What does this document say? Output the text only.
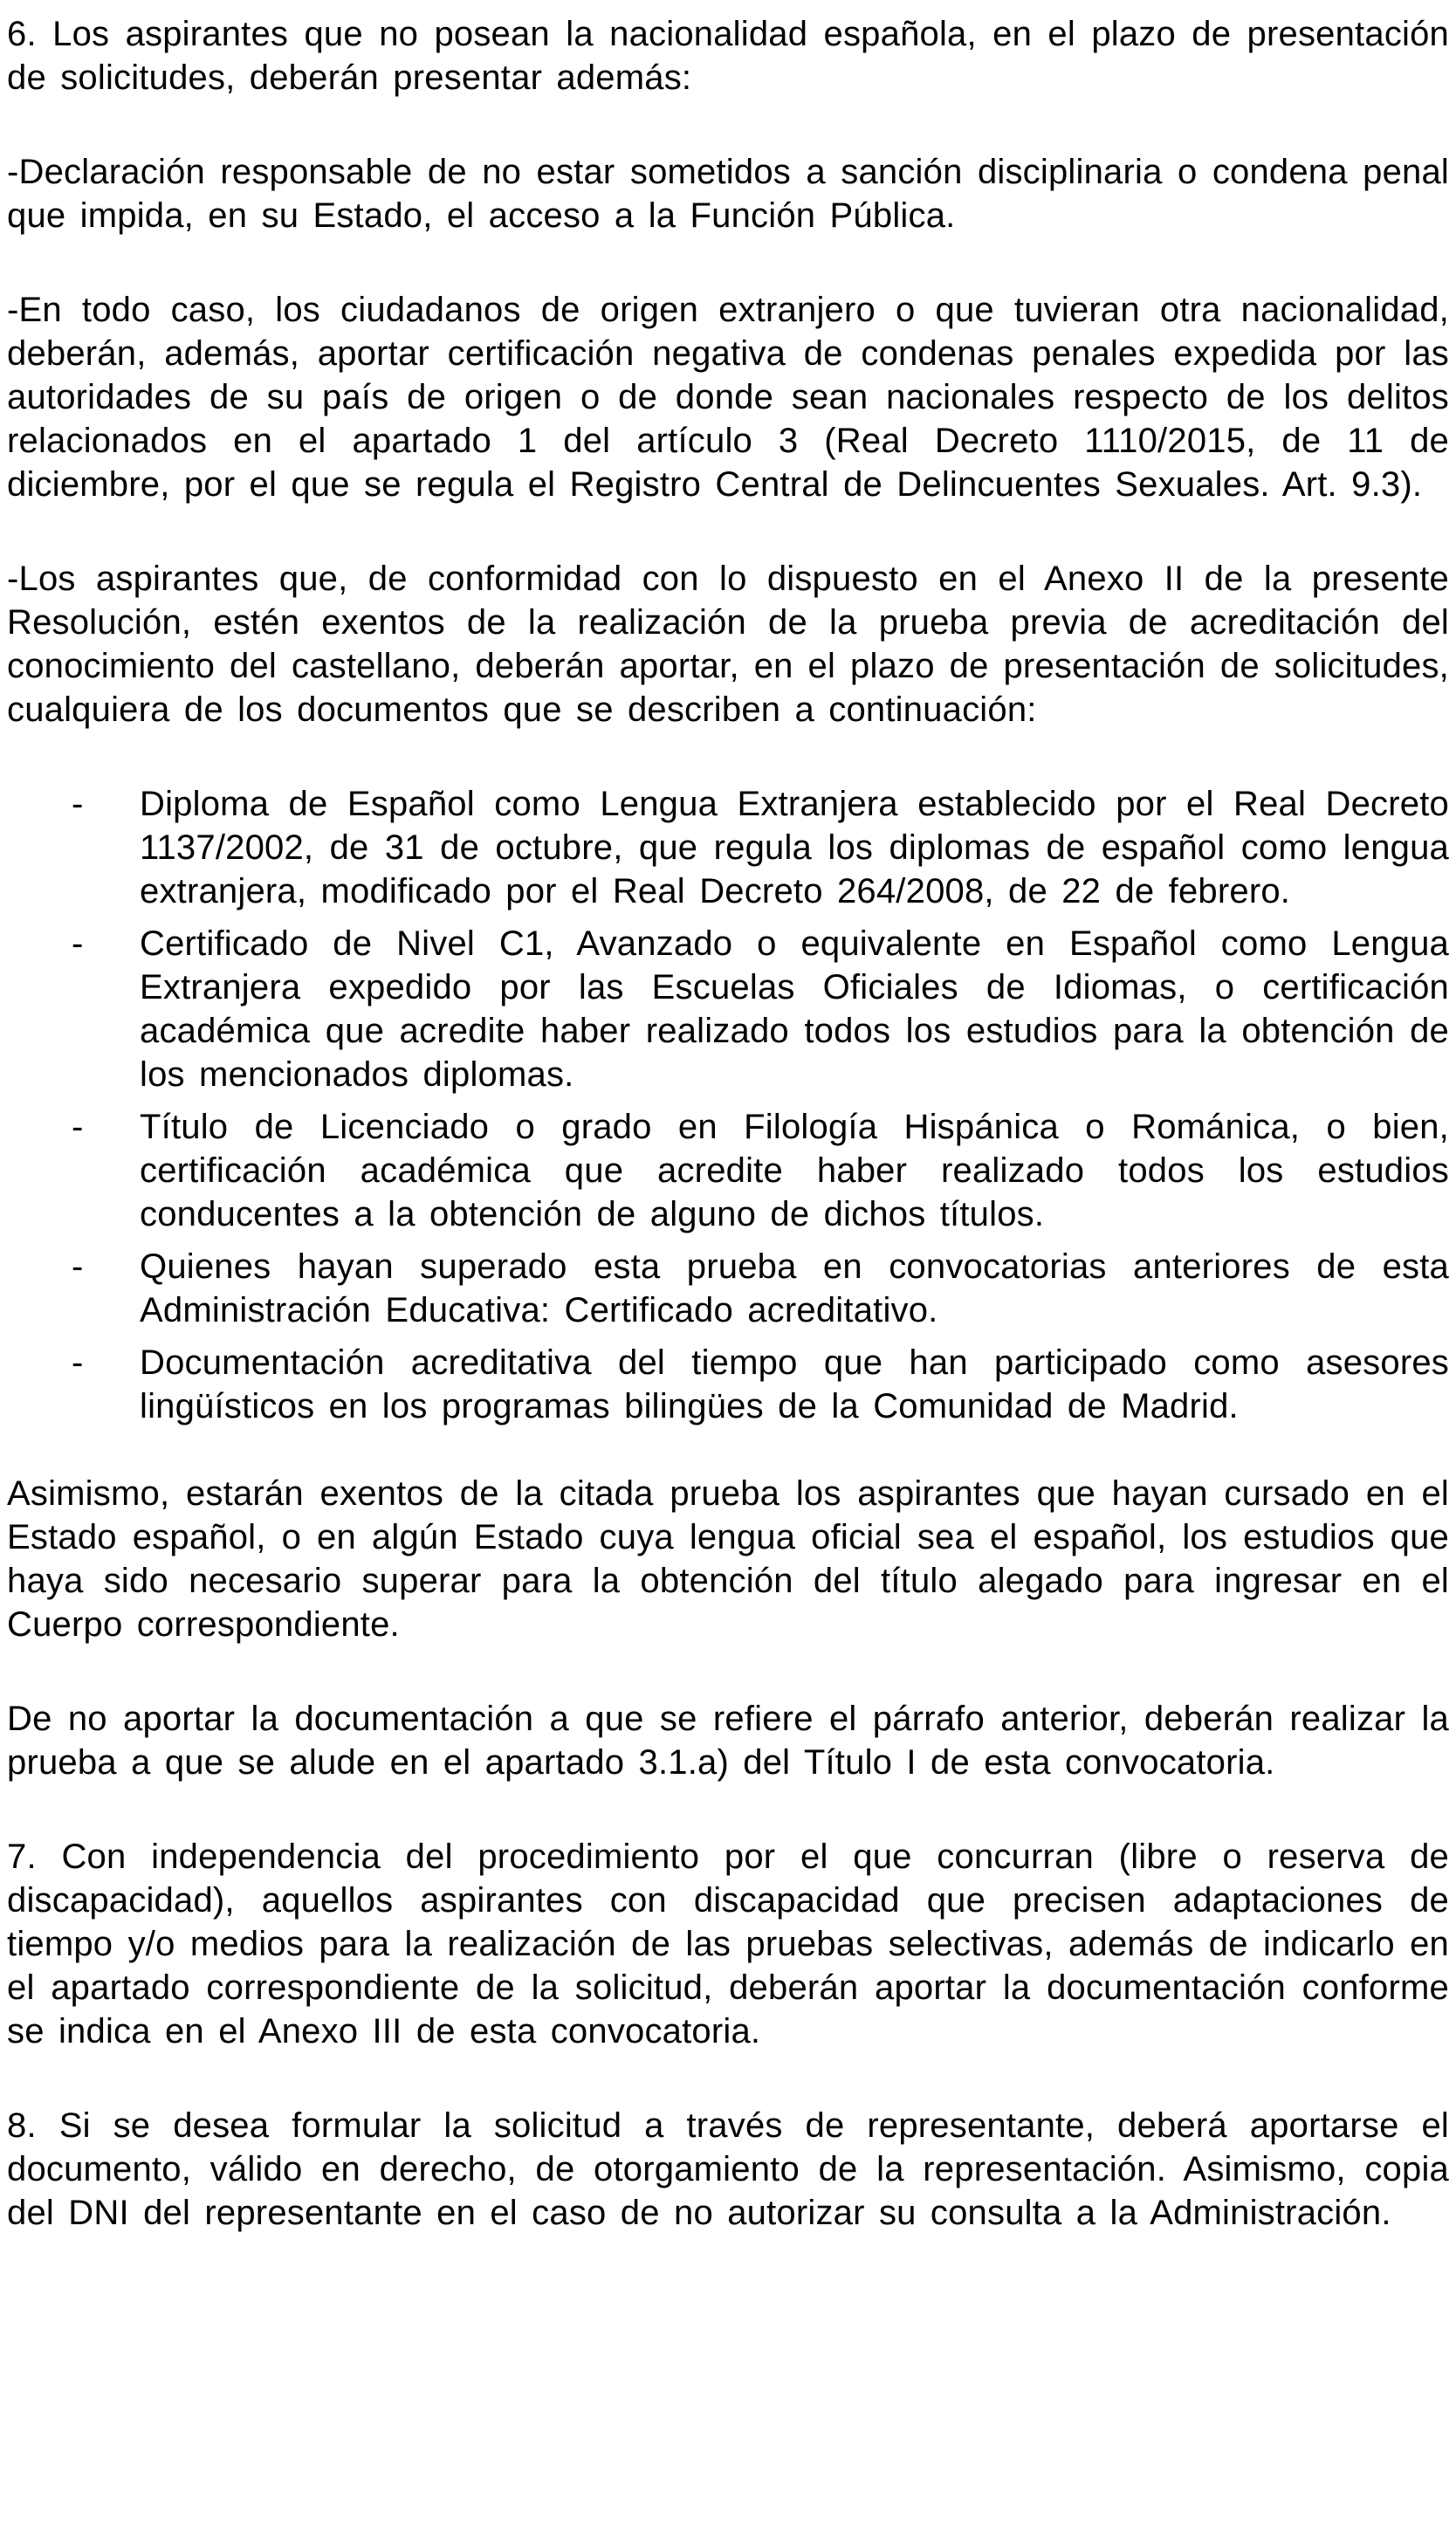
6. Los aspirantes que no posean la nacionalidad española, en el plazo de presentación de solicitudes, deberán presentar además:

-Declaración responsable de no estar sometidos a sanción disciplinaria o condena penal que impida, en su Estado, el acceso a la Función Pública.

-En todo caso, los ciudadanos de origen extranjero o que tuvieran otra nacionalidad, deberán, además, aportar certificación negativa de condenas penales expedida por las autoridades de su país de origen o de donde sean nacionales respecto de los delitos relacionados en el apartado 1 del artículo 3 (Real Decreto 1110/2015, de 11 de diciembre, por el que se regula el Registro Central de Delincuentes Sexuales. Art. 9.3).

-Los aspirantes que, de conformidad con lo dispuesto en el Anexo II de la presente Resolución, estén exentos de la realización de la prueba previa de acreditación del conocimiento del castellano, deberán aportar, en el plazo de presentación de solicitudes, cualquiera de los documentos que se describen a continuación:

- Diploma de Español como Lengua Extranjera establecido por el Real Decreto 1137/2002, de 31 de octubre, que regula los diplomas de español como lengua extranjera, modificado por el Real Decreto 264/2008, de 22 de febrero.
- Certificado de Nivel C1, Avanzado o equivalente en Español como Lengua Extranjera expedido por las Escuelas Oficiales de Idiomas, o certificación académica que acredite haber realizado todos los estudios para la obtención de los mencionados diplomas.
- Título de Licenciado o grado en Filología Hispánica o Románica, o bien, certificación académica que acredite haber realizado todos los estudios conducentes a la obtención de alguno de dichos títulos.
- Quienes hayan superado esta prueba en convocatorias anteriores de esta Administración Educativa: Certificado acreditativo.
- Documentación acreditativa del tiempo que han participado como asesores lingüísticos en los programas bilingües de la Comunidad de Madrid.

Asimismo, estarán exentos de la citada prueba los aspirantes que hayan cursado en el Estado español, o en algún Estado cuya lengua oficial sea el español, los estudios que haya sido necesario superar para la obtención del título alegado para ingresar en el Cuerpo correspondiente.

De no aportar la documentación a que se refiere el párrafo anterior, deberán realizar la prueba a que se alude en el apartado 3.1.a) del Título I de esta convocatoria.

7. Con independencia del procedimiento por el que concurran (libre o reserva de discapacidad), aquellos aspirantes con discapacidad que precisen adaptaciones de tiempo y/o medios para la realización de las pruebas selectivas, además de indicarlo en el apartado correspondiente de la solicitud, deberán aportar la documentación conforme se indica en el Anexo III de esta convocatoria.

8. Si se desea formular la solicitud a través de representante, deberá aportarse el documento, válido en derecho, de otorgamiento de la representación. Asimismo, copia del DNI del representante en el caso de no autorizar su consulta a la Administración.
